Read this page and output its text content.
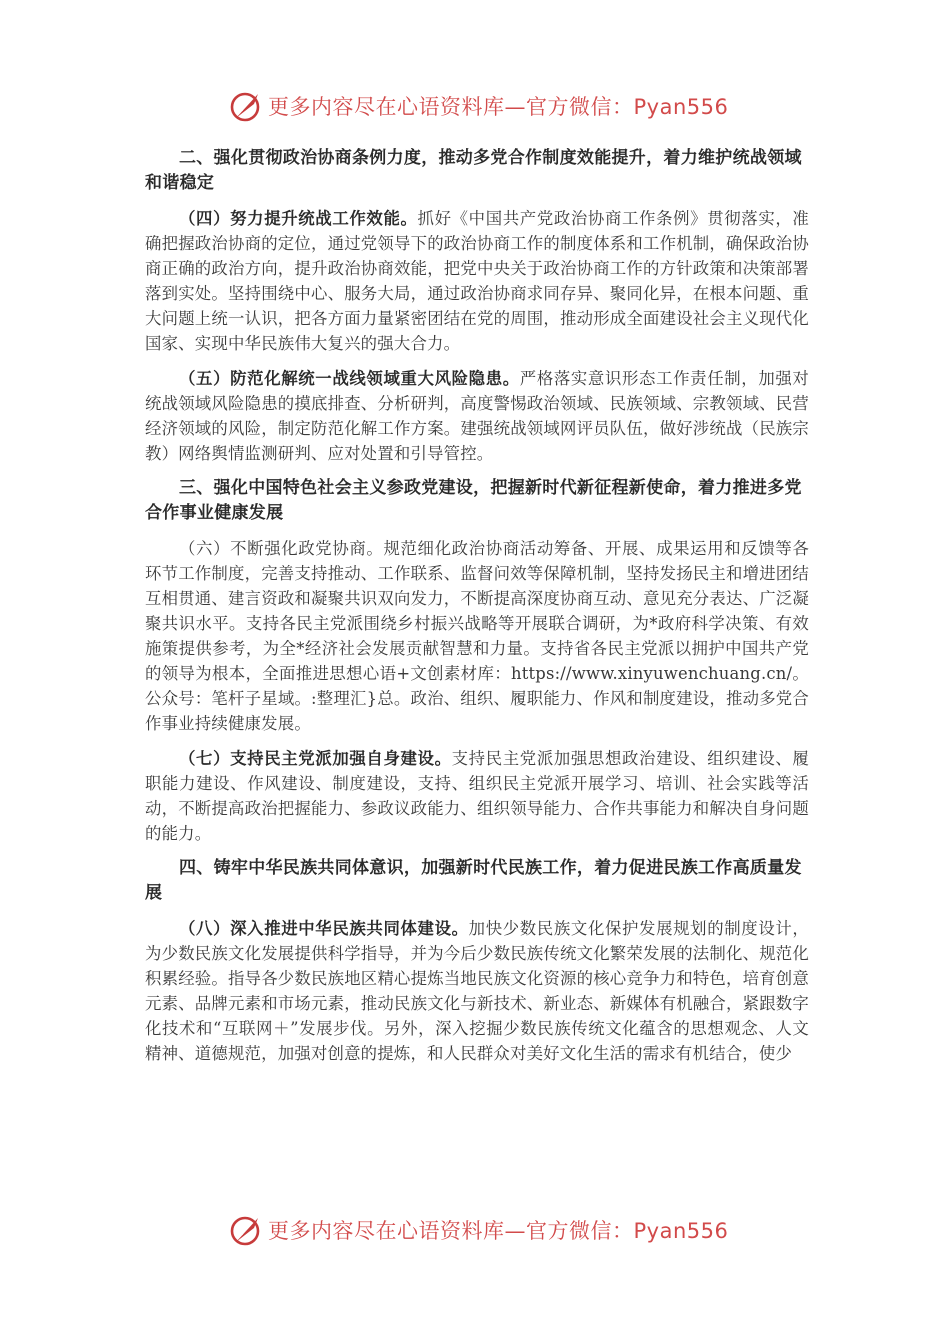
更多内容尽在心语资料库—官方微信：Pyan556

二、强化贯彻政治协商条例力度，推动多党合作制度效能提升，着力维护统战领域和谐稳定

（四）努力提升统战工作效能。抓好《中国共产党政治协商工作条例》贯彻落实，准确把握政治协商的定位，通过党领导下的政治协商工作的制度体系和工作机制，确保政治协商正确的政治方向，提升政治协商效能，把党中央关于政治协商工作的方针政策和决策部署落到实处。坚持围绕中心、服务大局，通过政治协商求同存异、聚同化异，在根本问题、重大问题上统一认识，把各方面力量紧密团结在党的周围，推动形成全面建设社会主义现代化国家、实现中华民族伟大复兴的强大合力。

（五）防范化解统一战线领域重大风险隐患。严格落实意识形态工作责任制，加强对统战领域风险隐患的摸底排查、分析研判，高度警惕政治领域、民族领域、宗教领域、民营经济领域的风险，制定防范化解工作方案。建强统战领域网评员队伍，做好涉统战（民族宗教）网络舆情监测研判、应对处置和引导管控。

三、强化中国特色社会主义参政党建设，把握新时代新征程新使命，着力推进多党合作事业健康发展

（六）不断强化政党协商。规范细化政治协商活动筹备、开展、成果运用和反馈等各环节工作制度，完善支持推动、工作联系、监督问效等保障机制，坚持发扬民主和增进团结互相贯通、建言资政和凝聚共识双向发力，不断提高深度协商互动、意见充分表达、广泛凝聚共识水平。支持各民主党派围绕乡村振兴战略等开展联合调研，为*政府科学决策、有效施策提供参考，为全*经济社会发展贡献智慧和力量。支持省各民主党派以拥护中国共产党的领导为根本，全面推进思想心语+文创素材库：https://www.xinyuwenchuang.cn/。公众号：笔杆子星域。:整理汇}总。政治、组织、履职能力、作风和制度建设，推动多党合作事业持续健康发展。

（七）支持民主党派加强自身建设。支持民主党派加强思想政治建设、组织建设、履职能力建设、作风建设、制度建设，支持、组织民主党派开展学习、培训、社会实践等活动，不断提高政治把握能力、参政议政能力、组织领导能力、合作共事能力和解决自身问题的能力。

四、铸牢中华民族共同体意识，加强新时代民族工作，着力促进民族工作高质量发展

（八）深入推进中华民族共同体建设。加快少数民族文化保护发展规划的制度设计，为少数民族文化发展提供科学指导，并为今后少数民族传统文化繁荣发展的法制化、规范化积累经验。指导各少数民族地区精心提炼当地民族文化资源的核心竞争力和特色，培育创意元素、品牌元素和市场元素，推动民族文化与新技术、新业态、新媒体有机融合，紧跟数字化技术和“互联网＋”发展步伐。另外，深入挖掘少数民族传统文化蕴含的思想观念、人文精神、道德规范，加强对创意的提炼，和人民群众对美好文化生活的需求有机结合，使少

更多内容尽在心语资料库—官方微信：Pyan556
